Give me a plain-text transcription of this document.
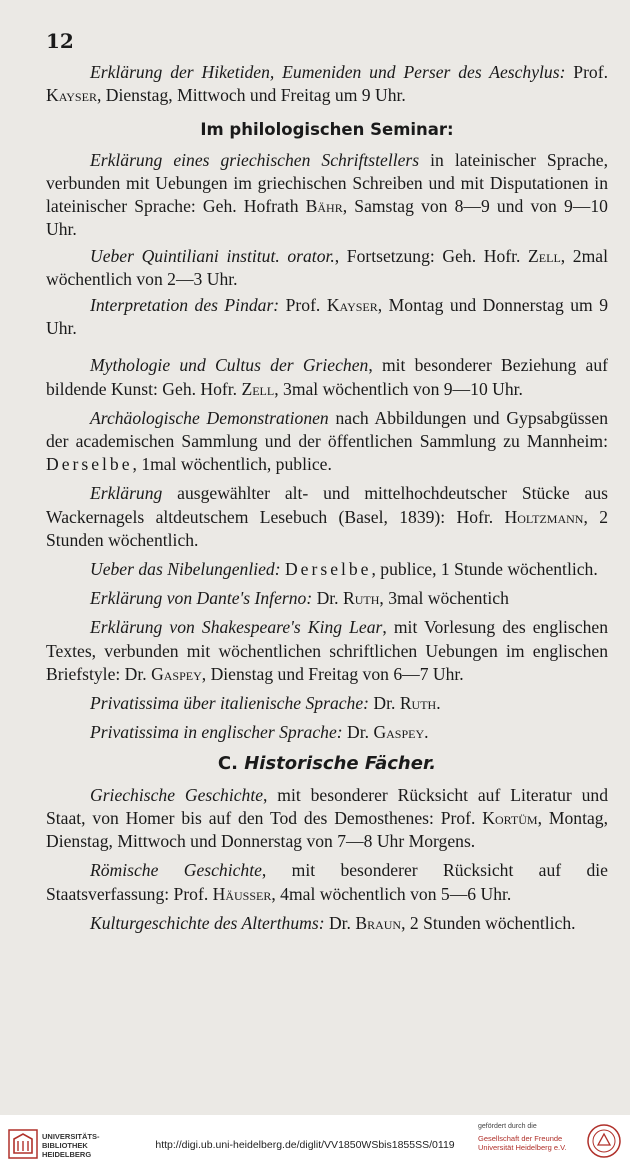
12

Erklärung der Hiketiden, Eumeniden und Perser des Aeschylus: Prof. Kayser, Dienstag, Mittwoch und Freitag um 9 Uhr.

Im philologischen Seminar:

Erklärung eines griechischen Schriftstellers in lateinischer Sprache, verbunden mit Uebungen im griechischen Schreiben und mit Disputationen in lateinischer Sprache: Geh. Hofrath Bähr, Samstag von 8—9 und von 9—10 Uhr.

Ueber Quintiliani institut. orator., Fortsetzung: Geh. Hofr. Zell, 2mal wöchentlich von 2—3 Uhr.

Interpretation des Pindar: Prof. Kayser, Montag und Donnerstag um 9 Uhr.

Mythologie und Cultus der Griechen, mit besonderer Beziehung auf bildende Kunst: Geh. Hofr. Zell, 3mal wöchentlich von 9—10 Uhr.

Archäologische Demonstrationen nach Abbildungen und Gypsabgüssen der academischen Sammlung und der öffentlichen Sammlung zu Mannheim: Derselbe, 1mal wöchentlich, publice.

Erklärung ausgewählter alt- und mittelhochdeutscher Stücke aus Wackernagels altdeutschem Lesebuch (Basel, 1839): Hofr. Holtzmann, 2 Stunden wöchentlich.

Ueber das Nibelungenlied: Derselbe, publice, 1 Stunde wöchentlich.

Erklärung von Dante's Inferno: Dr. Ruth, 3mal wöchentich

Erklärung von Shakespeare's King Lear, mit Vorlesung des englischen Textes, verbunden mit wöchentlichen schriftlichen Uebungen im englischen Briefstyle: Dr. Gaspey, Dienstag und Freitag von 6—7 Uhr.

Privatissima über italienische Sprache: Dr. Ruth.

Privatissima in englischer Sprache: Dr. Gaspey.

C. Historische Fächer.

Griechische Geschichte, mit besonderer Rücksicht auf Literatur und Staat, von Homer bis auf den Tod des Demosthenes: Prof. Kortüm, Montag, Dienstag, Mittwoch und Donnerstag von 7—8 Uhr Morgens.

Römische Geschichte, mit besonderer Rücksicht auf die Staatsverfassung: Prof. Häusser, 4mal wöchentlich von 5—6 Uhr.

Kulturgeschichte des Alterthums: Dr. Braun, 2 Stunden wöchentlich.

UNIVERSITÄTS-
BIBLIOTHEK
HEIDELBERG
http://digi.ub.uni-heidelberg.de/diglit/VV1850WSbis1855SS/0119
gefördert durch die
Gesellschaft der Freunde
Universität Heidelberg e.V.
